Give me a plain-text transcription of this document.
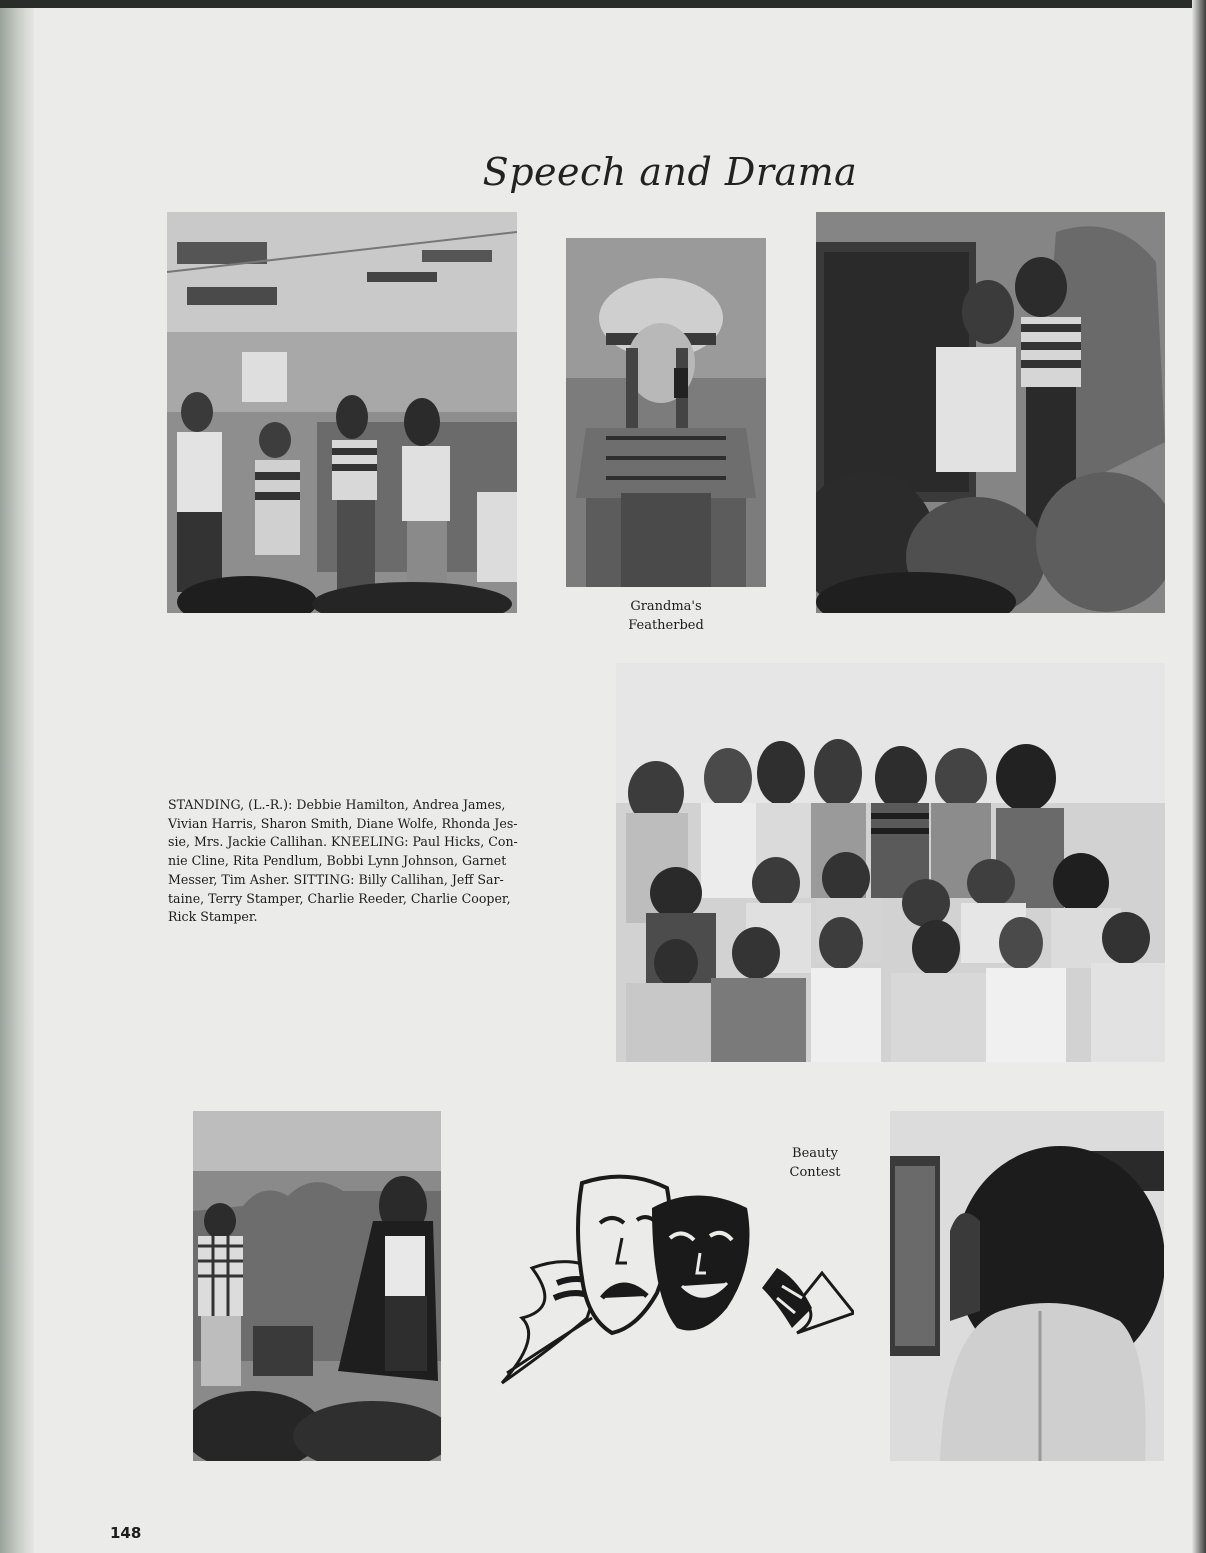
Speech and Drama
Grandma's
Featherbed
STANDING, (L.-R.): Debbie Hamilton, Andrea James,
Vivian Harris, Sharon Smith, Diane Wolfe, Rhonda Jes-
sie, Mrs. Jackie Callihan. KNEELING: Paul Hicks, Con-
nie Cline, Rita Pendlum, Bobbi Lynn Johnson, Garnet
Messer, Tim Asher. SITTING: Billy Callihan, Jeff Sar-
taine, Terry Stamper, Charlie Reeder, Charlie Cooper,
Rick Stamper.
Beauty
Contest
148
